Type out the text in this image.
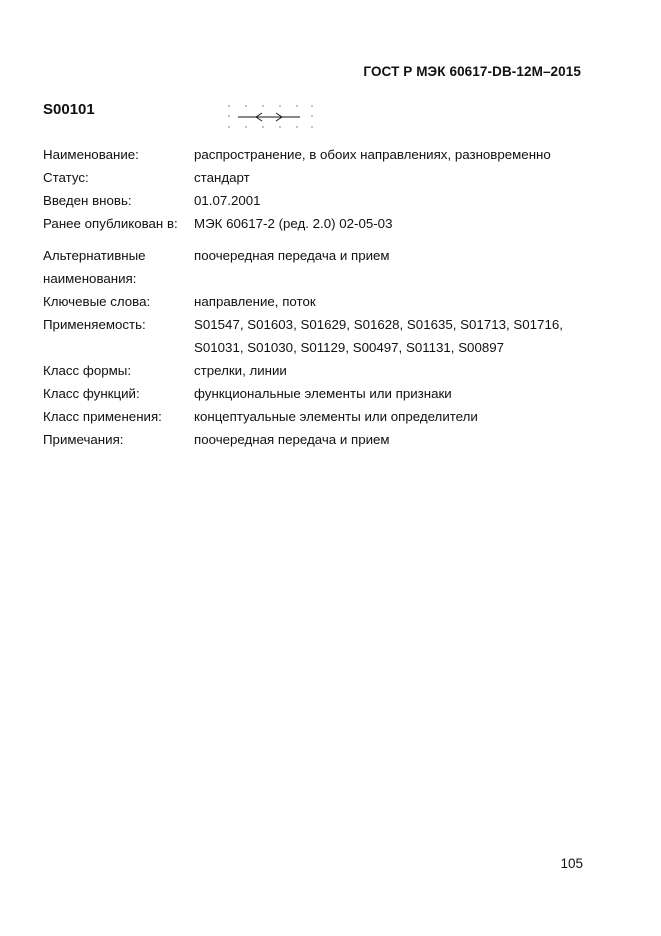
ГОСТ Р МЭК 60617-DB-12M–2015
S00101
Наименование:	распространение, в обоих направлениях, разновременно
Статус:	стандарт
Введен вновь:	01.07.2001
Ранее опубликован в:	МЭК 60617-2 (ред. 2.0) 02-05-03
Альтернативные наименования:
поочередная передача и прием
Ключевые слова:	направление, поток
Применяемость:	S01547, S01603, S01629, S01628, S01635, S01713, S01716, S01031, S01030, S01129, S00497, S01131, S00897
Класс формы:	стрелки, линии
Класс функций:	функциональные элементы или признаки
Класс применения:	концептуальные элементы или определители
Примечания:	поочередная передача и прием
105
